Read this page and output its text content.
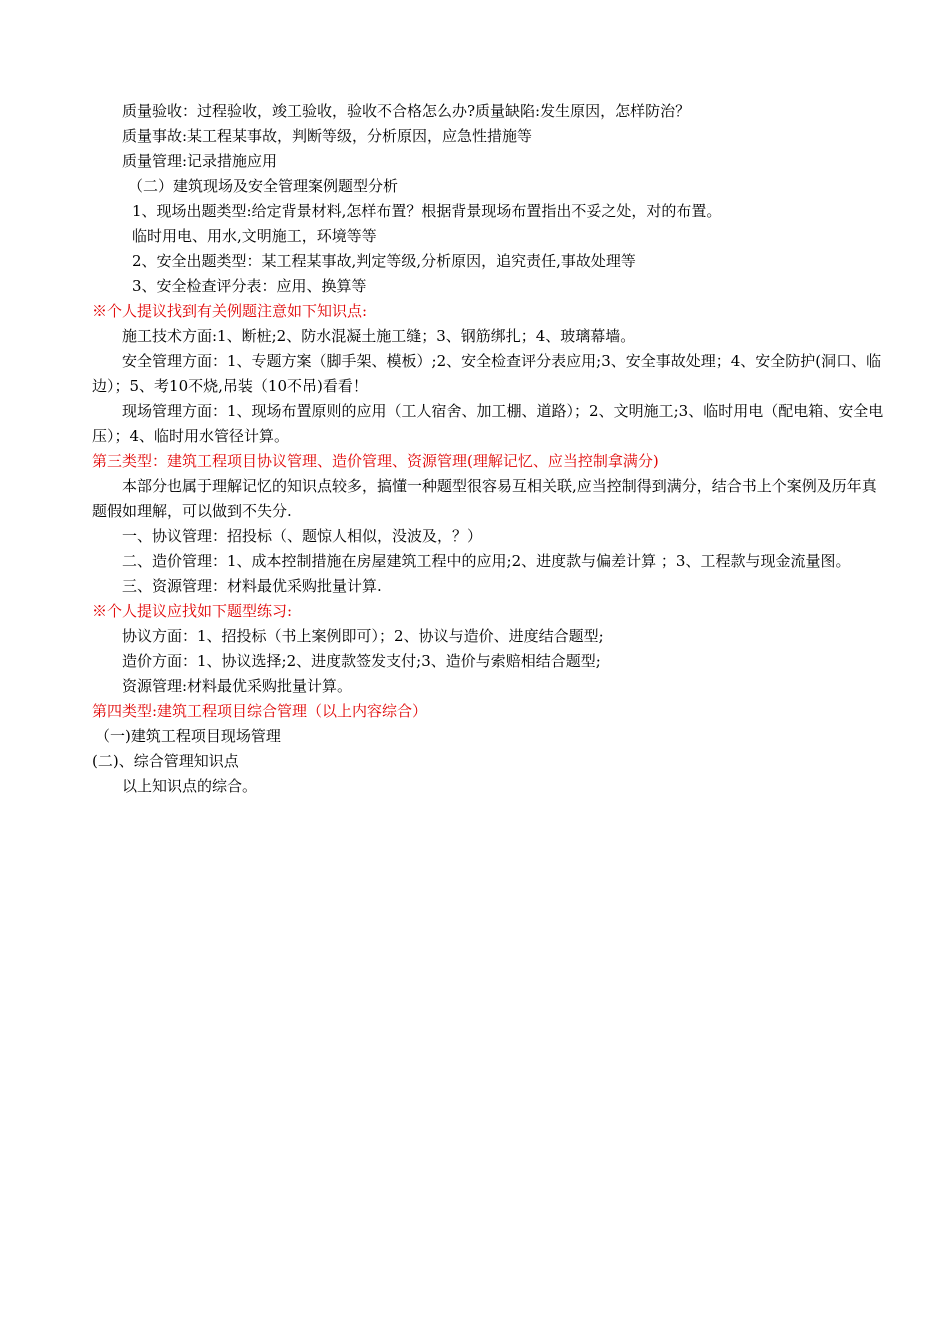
质量验收：过程验收，竣工验收，验收不合格怎么办?质量缺陷:发生原因，怎样防治？
质量事故:某工程某事故，判断等级，分析原因，应急性措施等
质量管理:记录措施应用
（二）建筑现场及安全管理案例题型分析
1、现场出题类型:给定背景材料,怎样布置？根据背景现场布置指出不妥之处，对的布置。
临时用电、用水,文明施工，环境等等
2、安全出题类型：某工程某事故,判定等级,分析原因，追究责任,事故处理等
3、安全检查评分表：应用、换算等
※个人提议找到有关例题注意如下知识点:
施工技术方面:1、断桩;2、防水混凝土施工缝；3、钢筋绑扎；4、玻璃幕墙。
安全管理方面：1、专题方案（脚手架、模板）;2、安全检查评分表应用;3、安全事故处理；4、安全防护(洞口、临边）；5、考10不烧,吊装（10不吊)看看！
现场管理方面：1、现场布置原则的应用（工人宿舍、加工棚、道路）；2、文明施工;3、临时用电（配电箱、安全电压）；4、临时用水管径计算。
第三类型：建筑工程项目协议管理、造价管理、资源管理(理解记忆、应当控制拿满分)
本部分也属于理解记忆的知识点较多，搞懂一种题型很容易互相关联,应当控制得到满分，结合书上个案例及历年真题假如理解，可以做到不失分.
一、协议管理：招投标（、题惊人相似，没波及，？）
二、造价管理：1、成本控制措施在房屋建筑工程中的应用;2、进度款与偏差计算 ；3、工程款与现金流量图。
三、资源管理：材料最优采购批量计算.
※个人提议应找如下题型练习:
协议方面：1、招投标（书上案例即可）；2、协议与造价、进度结合题型;
造价方面：1、协议选择;2、进度款签发支付;3、造价与索赔相结合题型;
资源管理:材料最优采购批量计算。
第四类型:建筑工程项目综合管理（以上内容综合）
（一)建筑工程项目现场管理
(二)、综合管理知识点
以上知识点的综合。
